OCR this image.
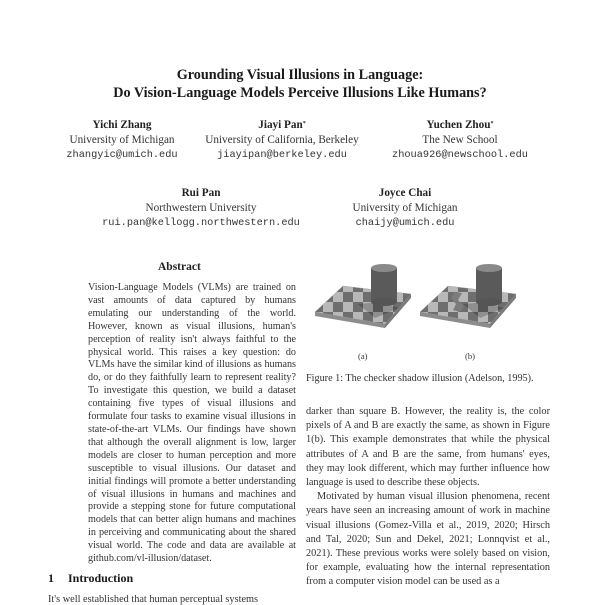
Grounding Visual Illusions in Language:
Do Vision-Language Models Perceive Illusions Like Humans?
Yichi Zhang
University of Michigan
zhangyic@umich.edu
Jiayi Pan*
University of California, Berkeley
jiayipan@berkeley.edu
Yuchen Zhou*
The New School
zhoua926@newschool.edu
Rui Pan
Northwestern University
rui.pan@kellogg.northwestern.edu
Joyce Chai
University of Michigan
chaijy@umich.edu
Abstract
Vision-Language Models (VLMs) are trained on vast amounts of data captured by humans emulating our understanding of the world. However, known as visual illusions, human's perception of reality isn't always faithful to the physical world. This raises a key question: do VLMs have the similar kind of illusions as humans do, or do they faithfully learn to represent reality? To investigate this question, we build a dataset containing five types of visual illusions and formulate four tasks to examine visual illusions in state-of-the-art VLMs. Our findings have shown that although the overall alignment is low, larger models are closer to human perception and more susceptible to visual illusions. Our dataset and initial findings will promote a better understanding of visual illusions in humans and machines and provide a stepping stone for future computational models that can better align humans and machines in perceiving and communicating about the shared visual world. The code and data are available at github.com/vl-illusion/dataset.
1 Introduction
It's well established that human perceptual systems
(a)	(b)
Figure 1: The checker shadow illusion (Adelson, 1995).

darker than square B. However, the reality is, the color pixels of A and B are exactly the same, as shown in Figure 1(b). This example demonstrates that while the physical attributes of A and B are the same, from humans' eyes, they may look different, which may further influence how language is used to describe these objects.

Motivated by human visual illusion phenomena, recent years have seen an increasing amount of work in machine visual illusions (Gomez-Villa et al., 2019, 2020; Hirsch and Tal, 2020; Sun and Dekel, 2021; Lonnqvist et al., 2021). These previous works were solely based on vision, for example, evaluating how the internal representation from a computer vision model can be used as a
